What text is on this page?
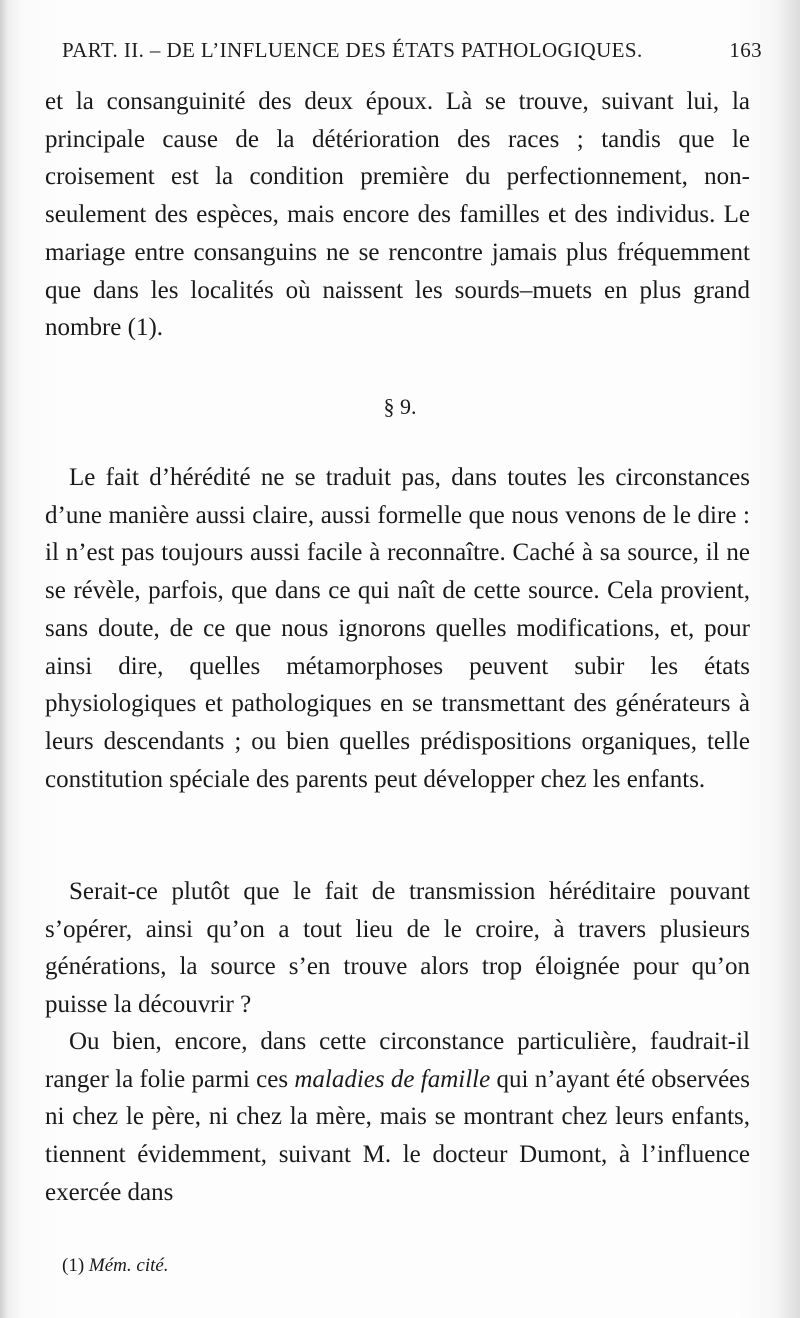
PART. II. – DE L’INFLUENCE DES ÉTATS PATHOLOGIQUES.	163

et la consanguinité des deux époux. Là se trouve, suivant lui, la principale cause de la détérioration des races ; tandis que le croisement est la condition première du perfectionnement, non-seulement des espèces, mais encore des familles et des individus. Le mariage entre consanguins ne se rencontre jamais plus fréquemment que dans les localités où naissent les sourds–muets en plus grand nombre (1).

§ 9.

Le fait d’hérédité ne se traduit pas, dans toutes les circonstances d’une manière aussi claire, aussi formelle que nous venons de le dire : il n’est pas toujours aussi facile à reconnaître. Caché à sa source, il ne se révèle, parfois, que dans ce qui naît de cette source. Cela provient, sans doute, de ce que nous ignorons quelles modifications, et, pour ainsi dire, quelles métamorphoses peuvent subir les états physiologiques et pathologiques en se transmettant des générateurs à leurs descendants ; ou bien quelles prédispositions organiques, telle constitution spéciale des parents peut développer chez les enfants.

Serait-ce plutôt que le fait de transmission héréditaire pouvant s’opérer, ainsi qu’on a tout lieu de le croire, à travers plusieurs générations, la source s’en trouve alors trop éloignée pour qu’on puisse la découvrir ?

Ou bien, encore, dans cette circonstance particulière, faudrait-il ranger la folie parmi ces maladies de famille qui n’ayant été observées ni chez le père, ni chez la mère, mais se montrant chez leurs enfants, tiennent évidemment, suivant M. le docteur Dumont, à l’influence exercée dans

(1) Mém. cité.
